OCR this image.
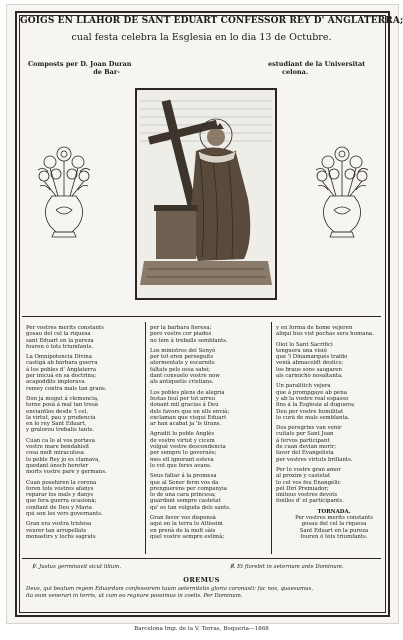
GOIGS EN LLAHOR DE SANT EDUART CONFESSOR REY D' ANGLATERRA;
cual festa celebra la Esglesia en lo dia 13 de Octubre.
Composts per D. Joan Duran
de Bar-
estudiant de la Universitat
celona.
Per vostres merits constants
gosau del cel la riquesa
sant Eduart en la pureza
fouren ó tots triumfants.
La Omnipotencia Divina
castigà ab bàrbara guerra
á los pobles d' Anglaterra
per inicuá en sa doctrina;
acapoddits implorava
remey contra mals tan grans.
Don ja mogut á clemencia,
torne posà á mal tan tresà
enviantlos desde 'l cel,
la virtut, pau y prudencia
en lo rey Sant Eduart,
y gralorou trebalis tants.
Cuan ca lo al vos portava
vostre mare bendahisit
cosa molt miraculosa
lo poble Rey jo es clamava,
quedant ánsch hereter
morts vostre pare y germans.
Cuan posehiren la corona
foren tots vostres afanys
reparar los mals y danys
que fera guerra ocasionà;
confiant de Deu y Maria
qui son los vers governants.
Gran era vostra tristesa
veurer tan arropellats
monastirs y lochs sagrats
per la barbara fieresa;
pero vostre cor piados
no tem á treballs semblants.
Los ministres del Senyó
per tot eren perseguits
atormentats y escarnits
faltats pels ossa sabó;
dant consuelo vostre now
als antiquetis cristians.
Los pobles plens de alegria
festas feuî per tot arreu
donant mil gracias á Deu
dels favors que en ells envià;
exclaman que visqui Eduart
ar han acabat ja 'ls tirans.
Agradit lo poble Anglès
de vostre virtut y cicem
volgué vostre descendencia
per sempre lo governés;
mes ell ignorant esteva
lo vot que feres avans.
Seus faltar á la promesa
que al Sener ferm vos da
prenguerens per companyia
lo de una cara princesa;
guardant sempre castetat
qu' es tan volguda dels sants.
Gran favor vos dispensà
aqui en la terra lo Altissim
en prenà de la molt sàis
quel vostre sempre estimà;
y en forma de home vejeren
aliqui bus vist pochas sera humana.
Oiot lo Sant Sacrifici
tenguera una visió
que 'l Dinamarqués traïdo
venià abmaceldt deslics;
los braus sons saugaren
als carmichò nosaltanta.
Un paralitich vejera
que á prompgaye ab pena
y ab la vostre real espasso
fins á la Esglesia al duguera;
Deu per vostre humilitat
lo curà de mals semblanta.
Dos peregrins van venir
cuitats per Sant Joan
á fervos participant
de cuan devian morir;
favor del Evangelista
per vostres virtuts brillants.
Per lo vostre gran amor
al proxim y castetat
lo cel vos feu Enangèlic
pel Dirí Premiador;
imiteus vostres devots
fonllos d' el participants.
TORNADA.
Per vostres merits constants
gosau del cel la riquesa
Sant Eduart en la pureza
fouren ó tots triumfants.
℣. Justus germinavit sicut lilium.	℟. Et florebit in aeternum ante Dominum.
OREMUS
Deus, qui beatum regem Eduardum confessorem tuum aeternitatis gloria coronasti: fac nos, quaesumus,
ita eum venerari in terris, ut cum eo regnare possimus in coelis. Per Dominum.
Barcelona Imp. de la V. Torras, Boqueria—1868
